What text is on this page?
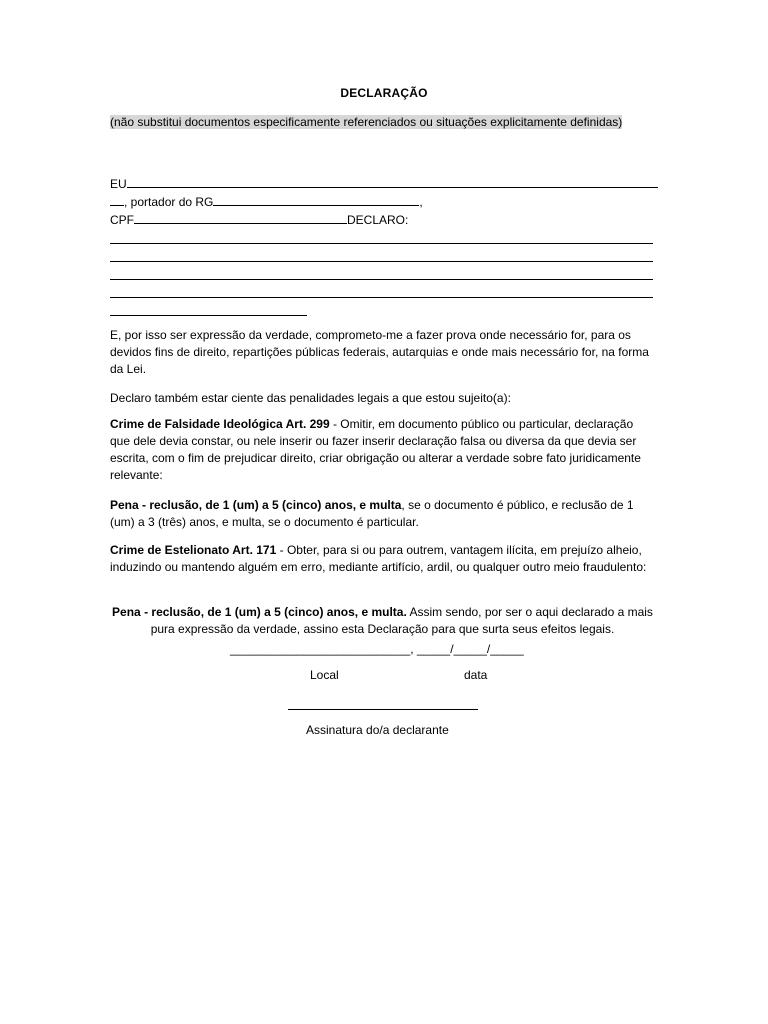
DECLARAÇÃO
(não substitui documentos especificamente referenciados ou situações explicitamente definidas)
EU
, portador do RG	,
CPF	DECLARO:
E, por isso ser expressão da verdade, comprometo-me a fazer prova onde necessário for, para os devidos fins de direito, repartições públicas federais, autarquias e onde mais necessário for, na forma da Lei.
Declaro também estar ciente das penalidades legais a que estou sujeito(a):
Crime de Falsidade Ideológica Art. 299 - Omitir, em documento público ou particular, declaração que dele devia constar, ou nele inserir ou fazer inserir declaração falsa ou diversa da que devia ser escrita, com o fim de prejudicar direito, criar obrigação ou alterar a verdade sobre fato juridicamente relevante:
Pena - reclusão, de 1 (um) a 5 (cinco) anos, e multa, se o documento é público, e reclusão de 1 (um) a 3 (três) anos, e multa, se o documento é particular.
Crime de Estelionato Art. 171 - Obter, para si ou para outrem, vantagem ilícita, em prejuízo alheio, induzindo ou mantendo alguém em erro, mediante artifício, ardil, ou qualquer outro meio fraudulento:
Pena - reclusão, de 1 (um) a 5 (cinco) anos, e multa. Assim sendo, por ser o aqui declarado a mais pura expressão da verdade, assino esta Declaração para que surta seus efeitos legais.
___________________________, _____/_____/_____
Local	data
Assinatura do/a declarante
